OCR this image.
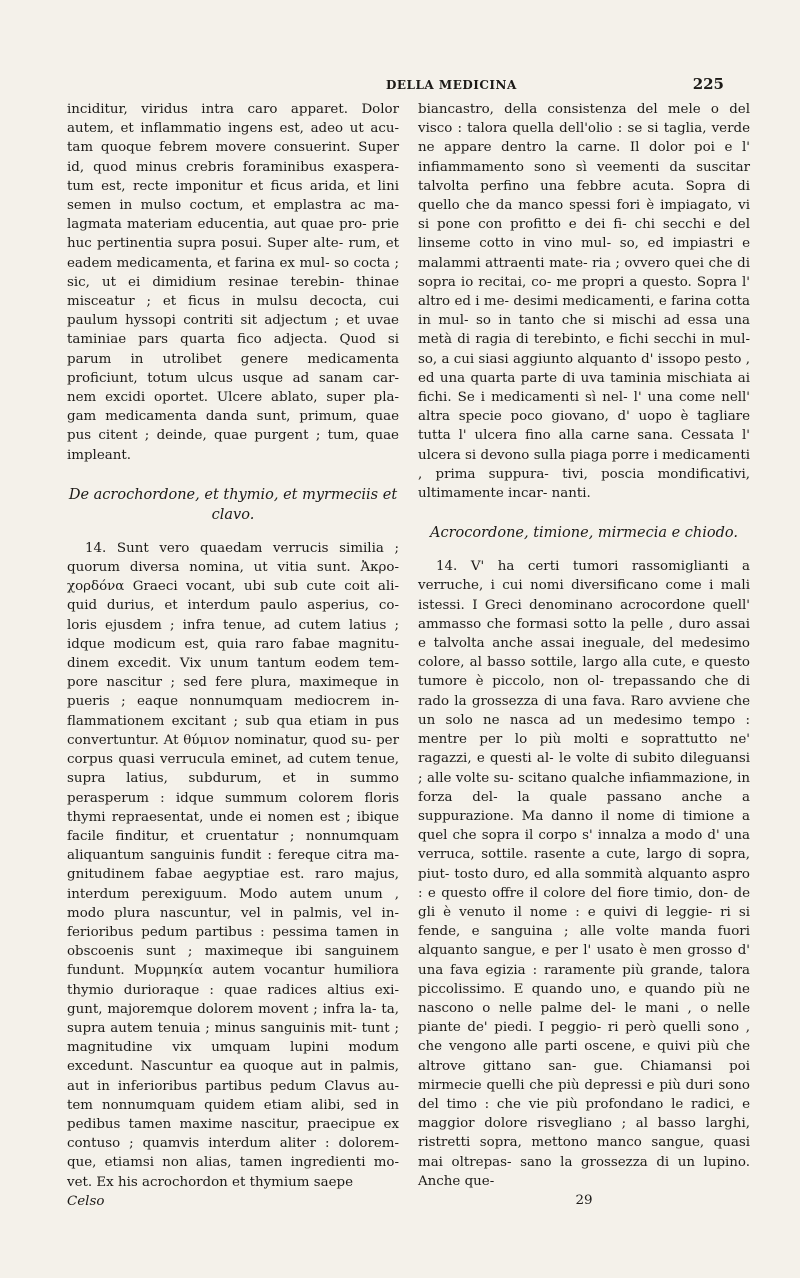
DELLA MEDICINA	225

inciditur, viridus intra caro apparet. Dolor autem, et inflammatio ingens est, adeo ut acu- tam quoque febrem movere consuerint. Super id, quod minus crebris foraminibus exaspera- tum est, recte imponitur et ficus arida, et lini semen in mulso coctum, et emplastra ac ma- lagmata materiam educentia, aut quae pro- prie huc pertinentia supra posui. Super alte- rum, et eadem medicamenta, et farina ex mul- so cocta ; sic, ut ei dimidium resinae terebin- thinae misceatur ; et ficus in mulsu decocta, cui paulum hyssopi contriti sit adjectum ; et uvae taminiae pars quarta fico adjecta. Quod si parum in utrolibet genere medicamenta proficiunt, totum ulcus usque ad sanam car- nem excidi oportet. Ulcere ablato, super pla- gam medicamenta danda sunt, primum, quae pus citent ; deinde, quae purgent ; tum, quae impleant.

De acrochordone, et thymio, et myrmeciis et clavo.

14. Sunt vero quaedam verrucis similia ; quorum diversa nomina, ut vitia sunt. Ἀκρο- χορδόνα Graeci vocant, ubi sub cute coit ali- quid durius, et interdum paulo asperius, co- loris ejusdem ; infra tenue, ad cutem latius ; idque modicum est, quia raro fabae magnitu- dinem excedit. Vix unum tantum eodem tem- pore nascitur ; sed fere plura, maximeque in pueris ; eaque nonnumquam mediocrem in- flammationem excitant ; sub qua etiam in pus convertuntur. At θύμιον nominatur, quod su- per corpus quasi verrucula eminet, ad cutem tenue, supra latius, subdurum, et in summo perasperum : idque summum colorem floris thymi repraesentat, unde ei nomen est ; ibique facile finditur, et cruentatur ; nonnumquam aliquantum sanguinis fundit : fereque citra ma- gnitudinem fabae aegyptiae est. raro majus, interdum perexiguum. Modo autem unum , modo plura nascuntur, vel in palmis, vel in- ferioribus pedum partibus : pessima tamen in obscoenis sunt ; maximeque ibi sanguinem fundunt. Μυρμηκία autem vocantur humiliora thymio durioraque : quae radices altius exi- gunt, majoremque dolorem movent ; infra la- ta, supra autem tenuia ; minus sanguinis mit- tunt ; magnitudine vix umquam lupini modum excedunt. Nascuntur ea quoque aut in palmis, aut in inferioribus partibus pedum Clavus au- tem nonnumquam quidem etiam alibi, sed in pedibus tamen maxime nascitur, praecipue ex contuso ; quamvis interdum aliter : dolorem- que, etiamsi non alias, tamen ingredienti mo- vet. Ex his acrochordon et thymium saepe

Celso

biancastro, della consistenza del mele o del visco : talora quella dell'olio : se si taglia, verde ne appare dentro la carne. Il dolor poi e l' infiammamento sono sì veementi da suscitar talvolta perfino una febbre acuta. Sopra di quello che da manco spessi fori è impiagato, vi si pone con profitto e dei fi- chi secchi e del linseme cotto in vino mul- so, ed impiastri e malammi attraenti mate- ria ; ovvero quei che di sopra io recitai, co- me propri a questo. Sopra l' altro ed i me- desimi medicamenti, e farina cotta in mul- so in tanto che si mischi ad essa una metà di ragia di terebinto, e fichi secchi in mul- so, a cui siasi aggiunto alquanto d' issopo pesto , ed una quarta parte di uva taminia mischiata ai fichi. Se i medicamenti sì nel- l' una come nell' altra specie poco giovano, d' uopo è tagliare tutta l' ulcera fino alla carne sana. Cessata l' ulcera si devono sulla piaga porre i medicamenti , prima suppura- tivi, poscia mondificativi, ultimamente incar- nanti.

Acrocordone, timione, mirmecia e chiodo.

14. V' ha certi tumori rassomiglianti a verruche, i cui nomi diversificano come i mali istessi. I Greci denominano acrocordone quell' ammasso che formasi sotto la pelle , duro assai e talvolta anche assai ineguale, del medesimo colore, al basso sottile, largo alla cute, e questo tumore è piccolo, non ol- trepassando che di rado la grossezza di una fava. Raro avviene che un solo ne nasca ad un medesimo tempo : mentre per lo più molti e soprattutto ne' ragazzi, e questi al- le volte di subito dileguansi ; alle volte su- scitano qualche infiammazione, in forza del- la quale passano anche a suppurazione. Ma danno il nome di timione a quel che sopra il corpo s' innalza a modo d' una verruca, sottile. rasente a cute, largo di sopra, piut- tosto duro, ed alla sommità alquanto aspro : e questo offre il colore del fiore timio, don- de gli è venuto il nome : e quivi di leggie- ri si fende, e sanguina ; alle volte manda fuori alquanto sangue, e per l' usato è men grosso d' una fava egizia : raramente più grande, talora piccolissimo. E quando uno, e quando più ne nascono o nelle palme del- le mani , o nelle piante de' piedi. I peggio- ri però quelli sono , che vengono alle parti oscene, e quivi più che altrove gittano san- gue. Chiamansi poi mirmecie quelli che più depressi e più duri sono del timo : che vie più profondano le radici, e maggior dolore risvegliano ; al basso larghi, ristretti sopra, mettono manco sangue, quasi mai oltrepas- sano la grossezza di un lupino. Anche que-

29
